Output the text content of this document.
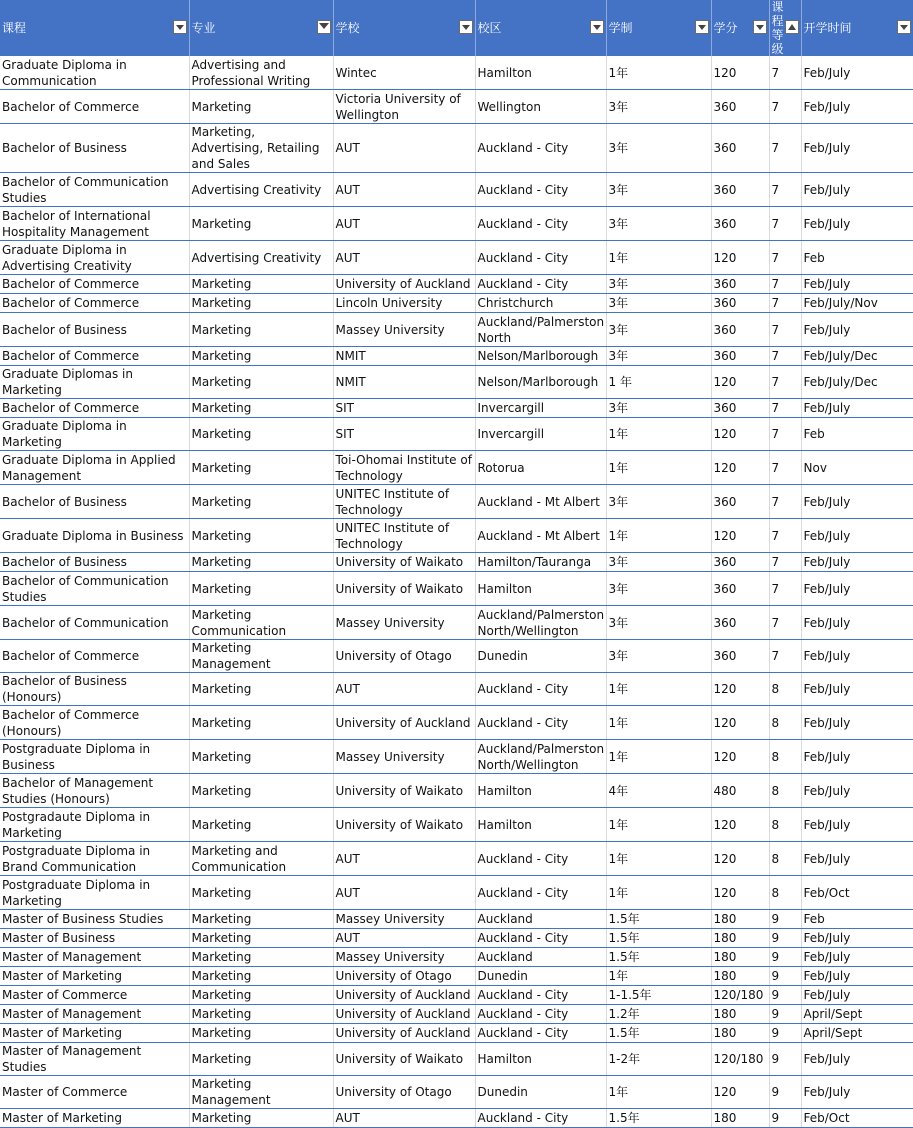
课程	专业	学校	校区	学制	学分	课程等级	开学时间

Graduate Diploma in Communication	Advertising and Professional Writing	Wintec	Hamilton	1年	120	7	Feb/July
Bachelor of Commerce	Marketing	Victoria University of Wellington	Wellington	3年	360	7	Feb/July
Bachelor of Business	Marketing, Advertising, Retailing and Sales	AUT	Auckland - City	3年	360	7	Feb/July
Bachelor of Communication Studies	Advertising Creativity	AUT	Auckland - City	3年	360	7	Feb/July
Bachelor of International Hospitality Management	Marketing	AUT	Auckland - City	3年	360	7	Feb/July
Graduate Diploma in Advertising Creativity	Advertising Creativity	AUT	Auckland - City	1年	120	7	Feb
Bachelor of Commerce	Marketing	University of Auckland	Auckland - City	3年	360	7	Feb/July
Bachelor of Commerce	Marketing	Lincoln University	Christchurch	3年	360	7	Feb/July/Nov
Bachelor of Business	Marketing	Massey University	Auckland/Palmerston North	3年	360	7	Feb/July
Bachelor of Commerce	Marketing	NMIT	Nelson/Marlborough	3年	360	7	Feb/July/Dec
Graduate Diplomas in Marketing	Marketing	NMIT	Nelson/Marlborough	1 年	120	7	Feb/July/Dec
Bachelor of Commerce	Marketing	SIT	Invercargill	3年	360	7	Feb/July
Graduate Diploma in Marketing	Marketing	SIT	Invercargill	1年	120	7	Feb
Graduate Diploma in Applied Management	Marketing	Toi-Ohomai Institute of Technology	Rotorua	1年	120	7	Nov
Bachelor of Business	Marketing	UNITEC Institute of Technology	Auckland - Mt Albert	3年	360	7	Feb/July
Graduate Diploma in Business	Marketing	UNITEC Institute of Technology	Auckland - Mt Albert	1年	120	7	Feb/July
Bachelor of Business	Marketing	University of Waikato	Hamilton/Tauranga	3年	360	7	Feb/July
Bachelor of Communication Studies	Marketing	University of Waikato	Hamilton	3年	360	7	Feb/July
Bachelor of Communication	Marketing Communication	Massey University	Auckland/Palmerston North/Wellington	3年	360	7	Feb/July
Bachelor of Commerce	Marketing Management	University of Otago	Dunedin	3年	360	7	Feb/July
Bachelor of Business (Honours)	Marketing	AUT	Auckland - City	1年	120	8	Feb/July
Bachelor of Commerce (Honours)	Marketing	University of Auckland	Auckland - City	1年	120	8	Feb/July
Postgraduate Diploma in Business	Marketing	Massey University	Auckland/Palmerston North/Wellington	1年	120	8	Feb/July
Bachelor of Management Studies (Honours)	Marketing	University of Waikato	Hamilton	4年	480	8	Feb/July
Postgradaute Diploma in Marketing	Marketing	University of Waikato	Hamilton	1年	120	8	Feb/July
Postgraduate Diploma in Brand Communication	Marketing and Communication	AUT	Auckland - City	1年	120	8	Feb/July
Postgraduate Diploma in Marketing	Marketing	AUT	Auckland - City	1年	120	8	Feb/Oct
Master of Business Studies	Marketing	Massey University	Auckland	1.5年	180	9	Feb
Master of Business	Marketing	AUT	Auckland - City	1.5年	180	9	Feb/July
Master of Management	Marketing	Massey University	Auckland	1.5年	180	9	Feb/July
Master of Marketing	Marketing	University of Otago	Dunedin	1年	180	9	Feb/July
Master of Commerce	Marketing	University of Auckland	Auckland - City	1-1.5年	120/180	9	Feb/July
Master of Management	Marketing	University of Auckland	Auckland - City	1.2年	180	9	April/Sept
Master of Marketing	Marketing	University of Auckland	Auckland - City	1.5年	180	9	April/Sept
Master of Management Studies	Marketing	University of Waikato	Hamilton	1-2年	120/180	9	Feb/July
Master of Commerce	Marketing Management	University of Otago	Dunedin	1年	120	9	Feb/July
Master of Marketing	Marketing	AUT	Auckland - City	1.5年	180	9	Feb/Oct
